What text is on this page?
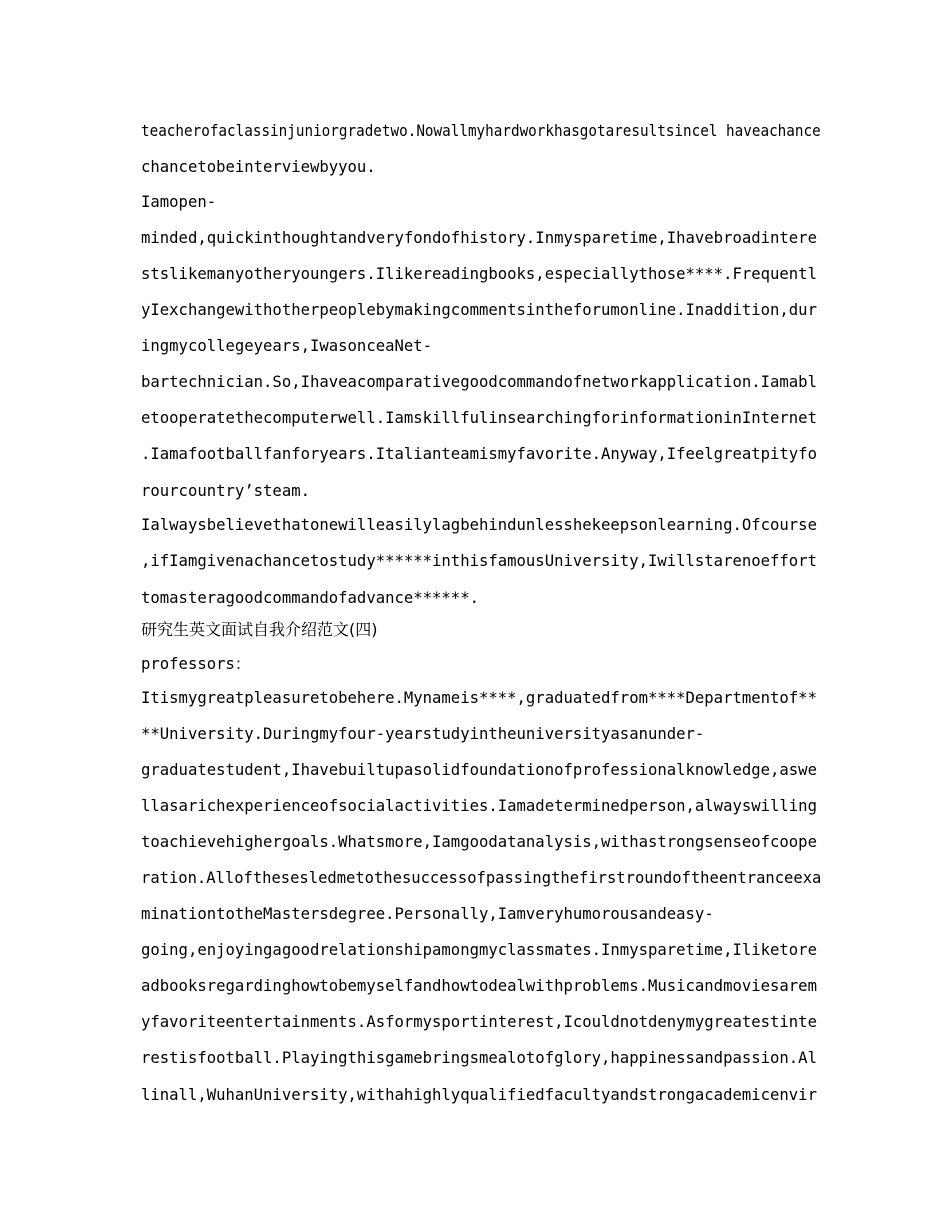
teacherofaclassinjuniorgradetwo.Nowallmyhardworkhasgotaresultsincel haveachance
chancetobeinterviewbyyou.
Iamopen-
minded,quickinthoughtandveryfondofhistory.Inmysparetime,Ihavebroadintere
stslikemanyotheryoungers.Ilikereadingbooks,especiallythose****.Frequentl
yIexchangewithotherpeoplebymakingcommentsintheforumonline.Inaddition,dur
ingmycollegeyears,IwasonceaNet-
bartechnician.So,Ihaveacomparativegoodcommandofnetworkapplication.Iamabl
etooperatethecomputerwell.IamskillfulinsearchingforinformationinInternet
.Iamafootballfanforyears.Italianteamismyfavorite.Anyway,Ifeelgreatpityfo
rourcountry’steam.
Ialwaysbelievethatonewilleasilylagbehindunlesshekeepsonlearning.Ofcourse
,ifIamgivenachancetostudy******inthisfamousUniversity,Iwillstarenoeffort
tomasteragoodcommandofadvance******.
研究生英文面试自我介绍范文(四)
professors：
Itismygreatpleasuretobehere.Mynameis****,graduatedfrom****Departmentof**
**University.Duringmyfour-yearstudyintheuniversityasanunder-
graduatestudent,Ihavebuiltupasolidfoundationofprofessionalknowledge,aswe
llasarichexperienceofsocialactivities.Iamadeterminedperson,alwayswilling
toachievehighergoals.Whatsmore,Iamgoodatanalysis,withastrongsenseofcoope
ration.Allofthesesledmetothesuccessofpassingthefirstroundoftheentranceexa
minationtotheMastersdegree.Personally,Iamveryhumorousandeasy-
going,enjoyingagoodrelationshipamongmyclassmates.Inmysparetime,Iliketore
adbooksregardinghowtobemyselfandhowtodealwithproblems.Musicandmoviesarem
yfavoriteentertainments.Asformysportinterest,Icouldnotdenymygreatestinte
restisfootball.Playingthisgamebringsmealotofglory,happinessandpassion.Al
linall,WuhanUniversity,withahighlyqualifiedfacultyandstrongacademicenvir
